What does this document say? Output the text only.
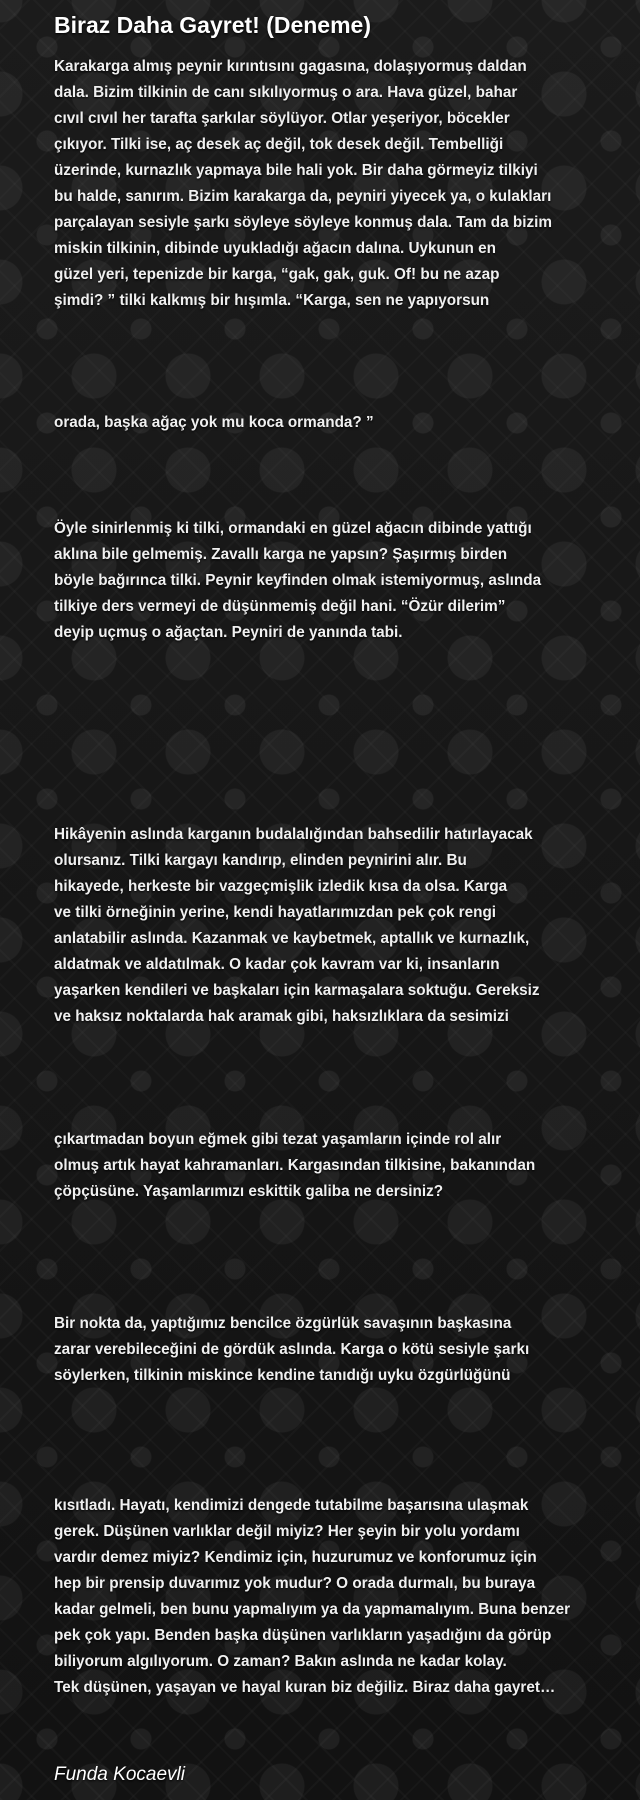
Biraz Daha Gayret! (Deneme)
Karakarga almış peynir kırıntısını gagasına, dolaşıyormuş daldan
dala. Bizim tilkinin de canı sıkılıyormuş o ara. Hava güzel, bahar
cıvıl cıvıl her tarafta şarkılar söylüyor. Otlar yeşeriyor, böcekler
çıkıyor. Tilki ise, aç desek aç değil, tok desek değil. Tembelliği
üzerinde, kurnazlık yapmaya bile hali yok. Bir daha görmeyiz tilkiyi
bu halde, sanırım. Bizim karakarga da, peyniri yiyecek ya, o kulakları
parçalayan sesiyle şarkı söyleye söyleye konmuş dala. Tam da bizim
miskin tilkinin, dibinde uyukladığı ağacın dalına. Uykunun en
güzel yeri, tepenizde bir karga, “gak, gak, guk. Of! bu ne azap
şimdi? ” tilki kalkmış bir hışımla. “Karga, sen ne yapıyorsun
orada, başka ağaç yok mu koca ormanda? ”
Öyle sinirlenmiş ki tilki, ormandaki en güzel ağacın dibinde yattığı
aklına bile gelmemiş. Zavallı karga ne yapsın? Şaşırmış birden
böyle bağırınca tilki. Peynir keyfinden olmak istemiyormuş, aslında
tilkiye ders vermeyi de düşünmemiş değil hani. “Özür dilerim”
deyip uçmuş o ağaçtan. Peyniri de yanında tabi.
Hikâyenin aslında karganın budalalığından bahsedilir hatırlayacak
olursanız. Tilki kargayı kandırıp, elinden peynirini alır. Bu
hikayede, herkeste bir vazgeçmişlik izledik kısa da olsa. Karga
ve tilki örneğinin yerine, kendi hayatlarımızdan pek çok rengi
anlatabilir aslında. Kazanmak ve kaybetmek, aptallık ve kurnazlık,
aldatmak ve aldatılmak. O kadar çok kavram var ki, insanların
yaşarken kendileri ve başkaları için karmaşalara soktuğu. Gereksiz
ve haksız noktalarda hak aramak gibi, haksızlıklara da sesimizi
çıkartmadan boyun eğmek gibi tezat yaşamların içinde rol alır
olmuş artık hayat kahramanları. Kargasından tilkisine, bakanından
çöpçüsüne. Yaşamlarımızı eskittik galiba ne dersiniz?
Bir nokta da, yaptığımız bencilce özgürlük savaşının başkasına
zarar verebileceğini de gördük aslında. Karga o kötü sesiyle şarkı
söylerken, tilkinin miskince kendine tanıdığı uyku özgürlüğünü
kısıtladı. Hayatı, kendimizi dengede tutabilme başarısına ulaşmak
gerek. Düşünen varlıklar değil miyiz? Her şeyin bir yolu yordamı
vardır demez miyiz? Kendimiz için, huzurumuz ve konforumuz için
hep bir prensip duvarımız yok mudur? O orada durmalı, bu buraya
kadar gelmeli, ben bunu yapmalıyım ya da yapmamalıyım. Buna benzer
pek çok yapı. Benden başka düşünen varlıkların yaşadığını da görüp
biliyorum algılıyorum. O zaman? Bakın aslında ne kadar kolay.
Tek düşünen, yaşayan ve hayal kuran biz değiliz. Biraz daha gayret…
Funda Kocaevli
